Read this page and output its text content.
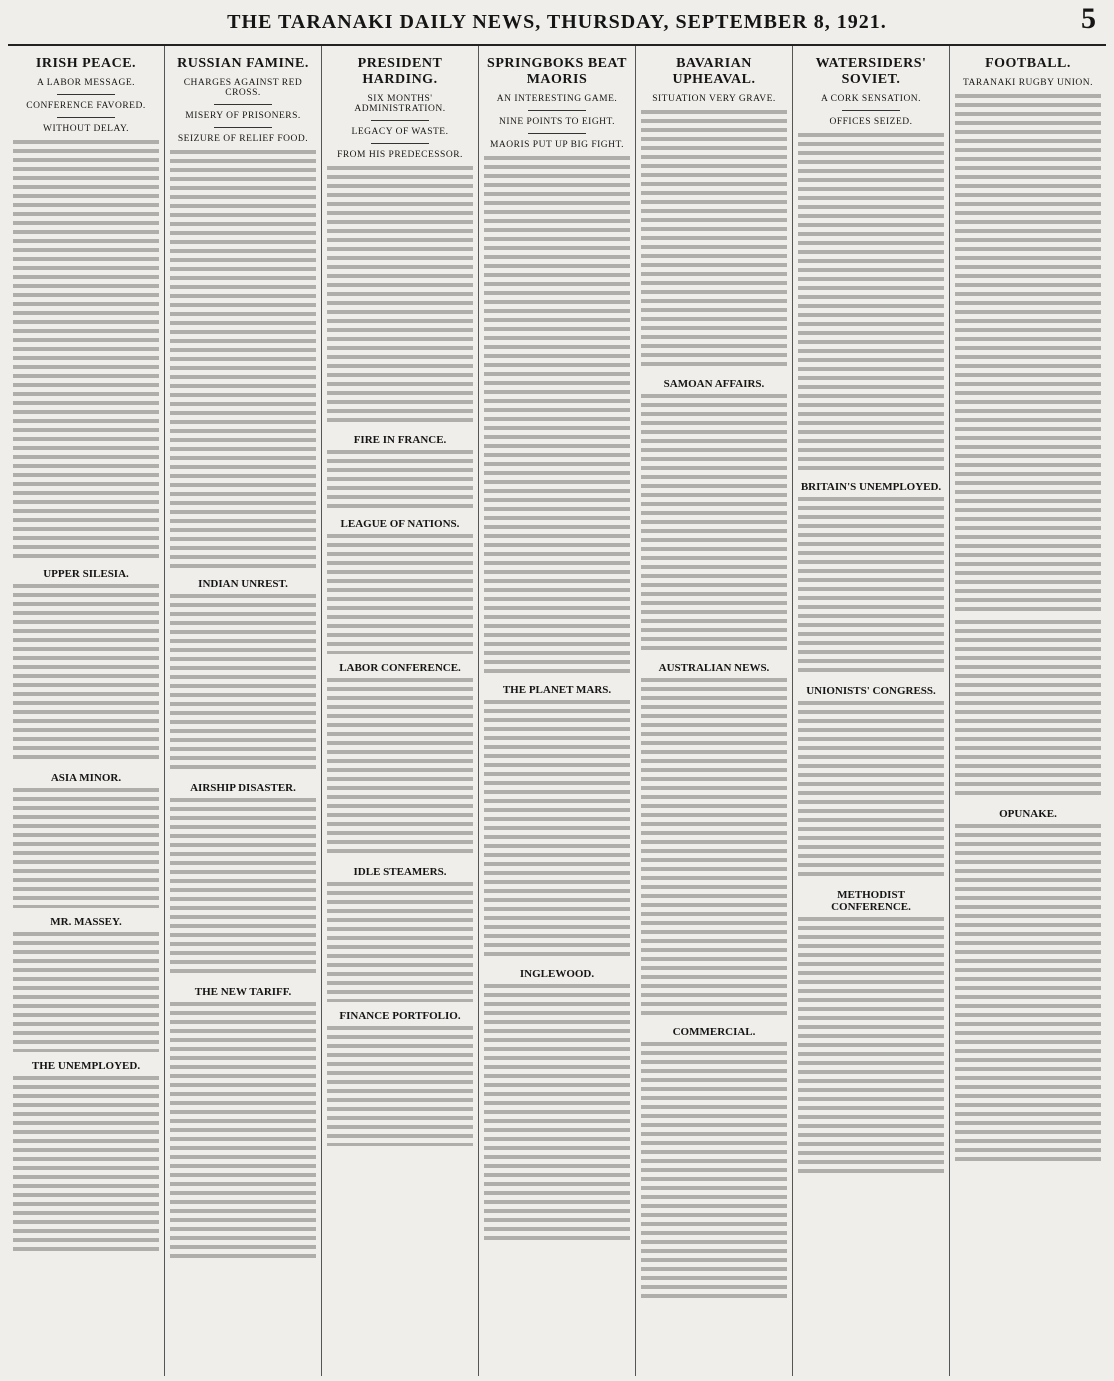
THE TARANAKI DAILY NEWS, THURSDAY, SEPTEMBER 8, 1921.	5
IRISH PEACE.
A LABOR MESSAGE.
CONFERENCE FAVORED.
WITHOUT DELAY.
UPPER SILESIA.
ASIA MINOR.
MR. MASSEY.
THE UNEMPLOYED.
RUSSIAN FAMINE.
CHARGES AGAINST RED CROSS.
MISERY OF PRISONERS.
SEIZURE OF RELIEF FOOD.
INDIAN UNREST.
AIRSHIP DISASTER.
THE NEW TARIFF.
PRESIDENT HARDING.
SIX MONTHS' ADMINISTRATION.
LEGACY OF WASTE.
FROM HIS PREDECESSOR.
FIRE IN FRANCE.
LEAGUE OF NATIONS.
LABOR CONFERENCE.
IDLE STEAMERS.
FINANCE PORTFOLIO.
SPRINGBOKS BEAT MAORIS
AN INTERESTING GAME.
NINE POINTS TO EIGHT.
MAORIS PUT UP BIG FIGHT.
THE PLANET MARS.
INGLEWOOD.
BAVARIAN UPHEAVAL.
SITUATION VERY GRAVE.
SAMOAN AFFAIRS.
AUSTRALIAN NEWS.
COMMERCIAL.
WATERSIDERS' SOVIET.
A CORK SENSATION.
OFFICES SEIZED.
BRITAIN'S UNEMPLOYED.
UNIONISTS' CONGRESS.
METHODIST CONFERENCE.
FOOTBALL.
TARANAKI RUGBY UNION.
OPUNAKE.
